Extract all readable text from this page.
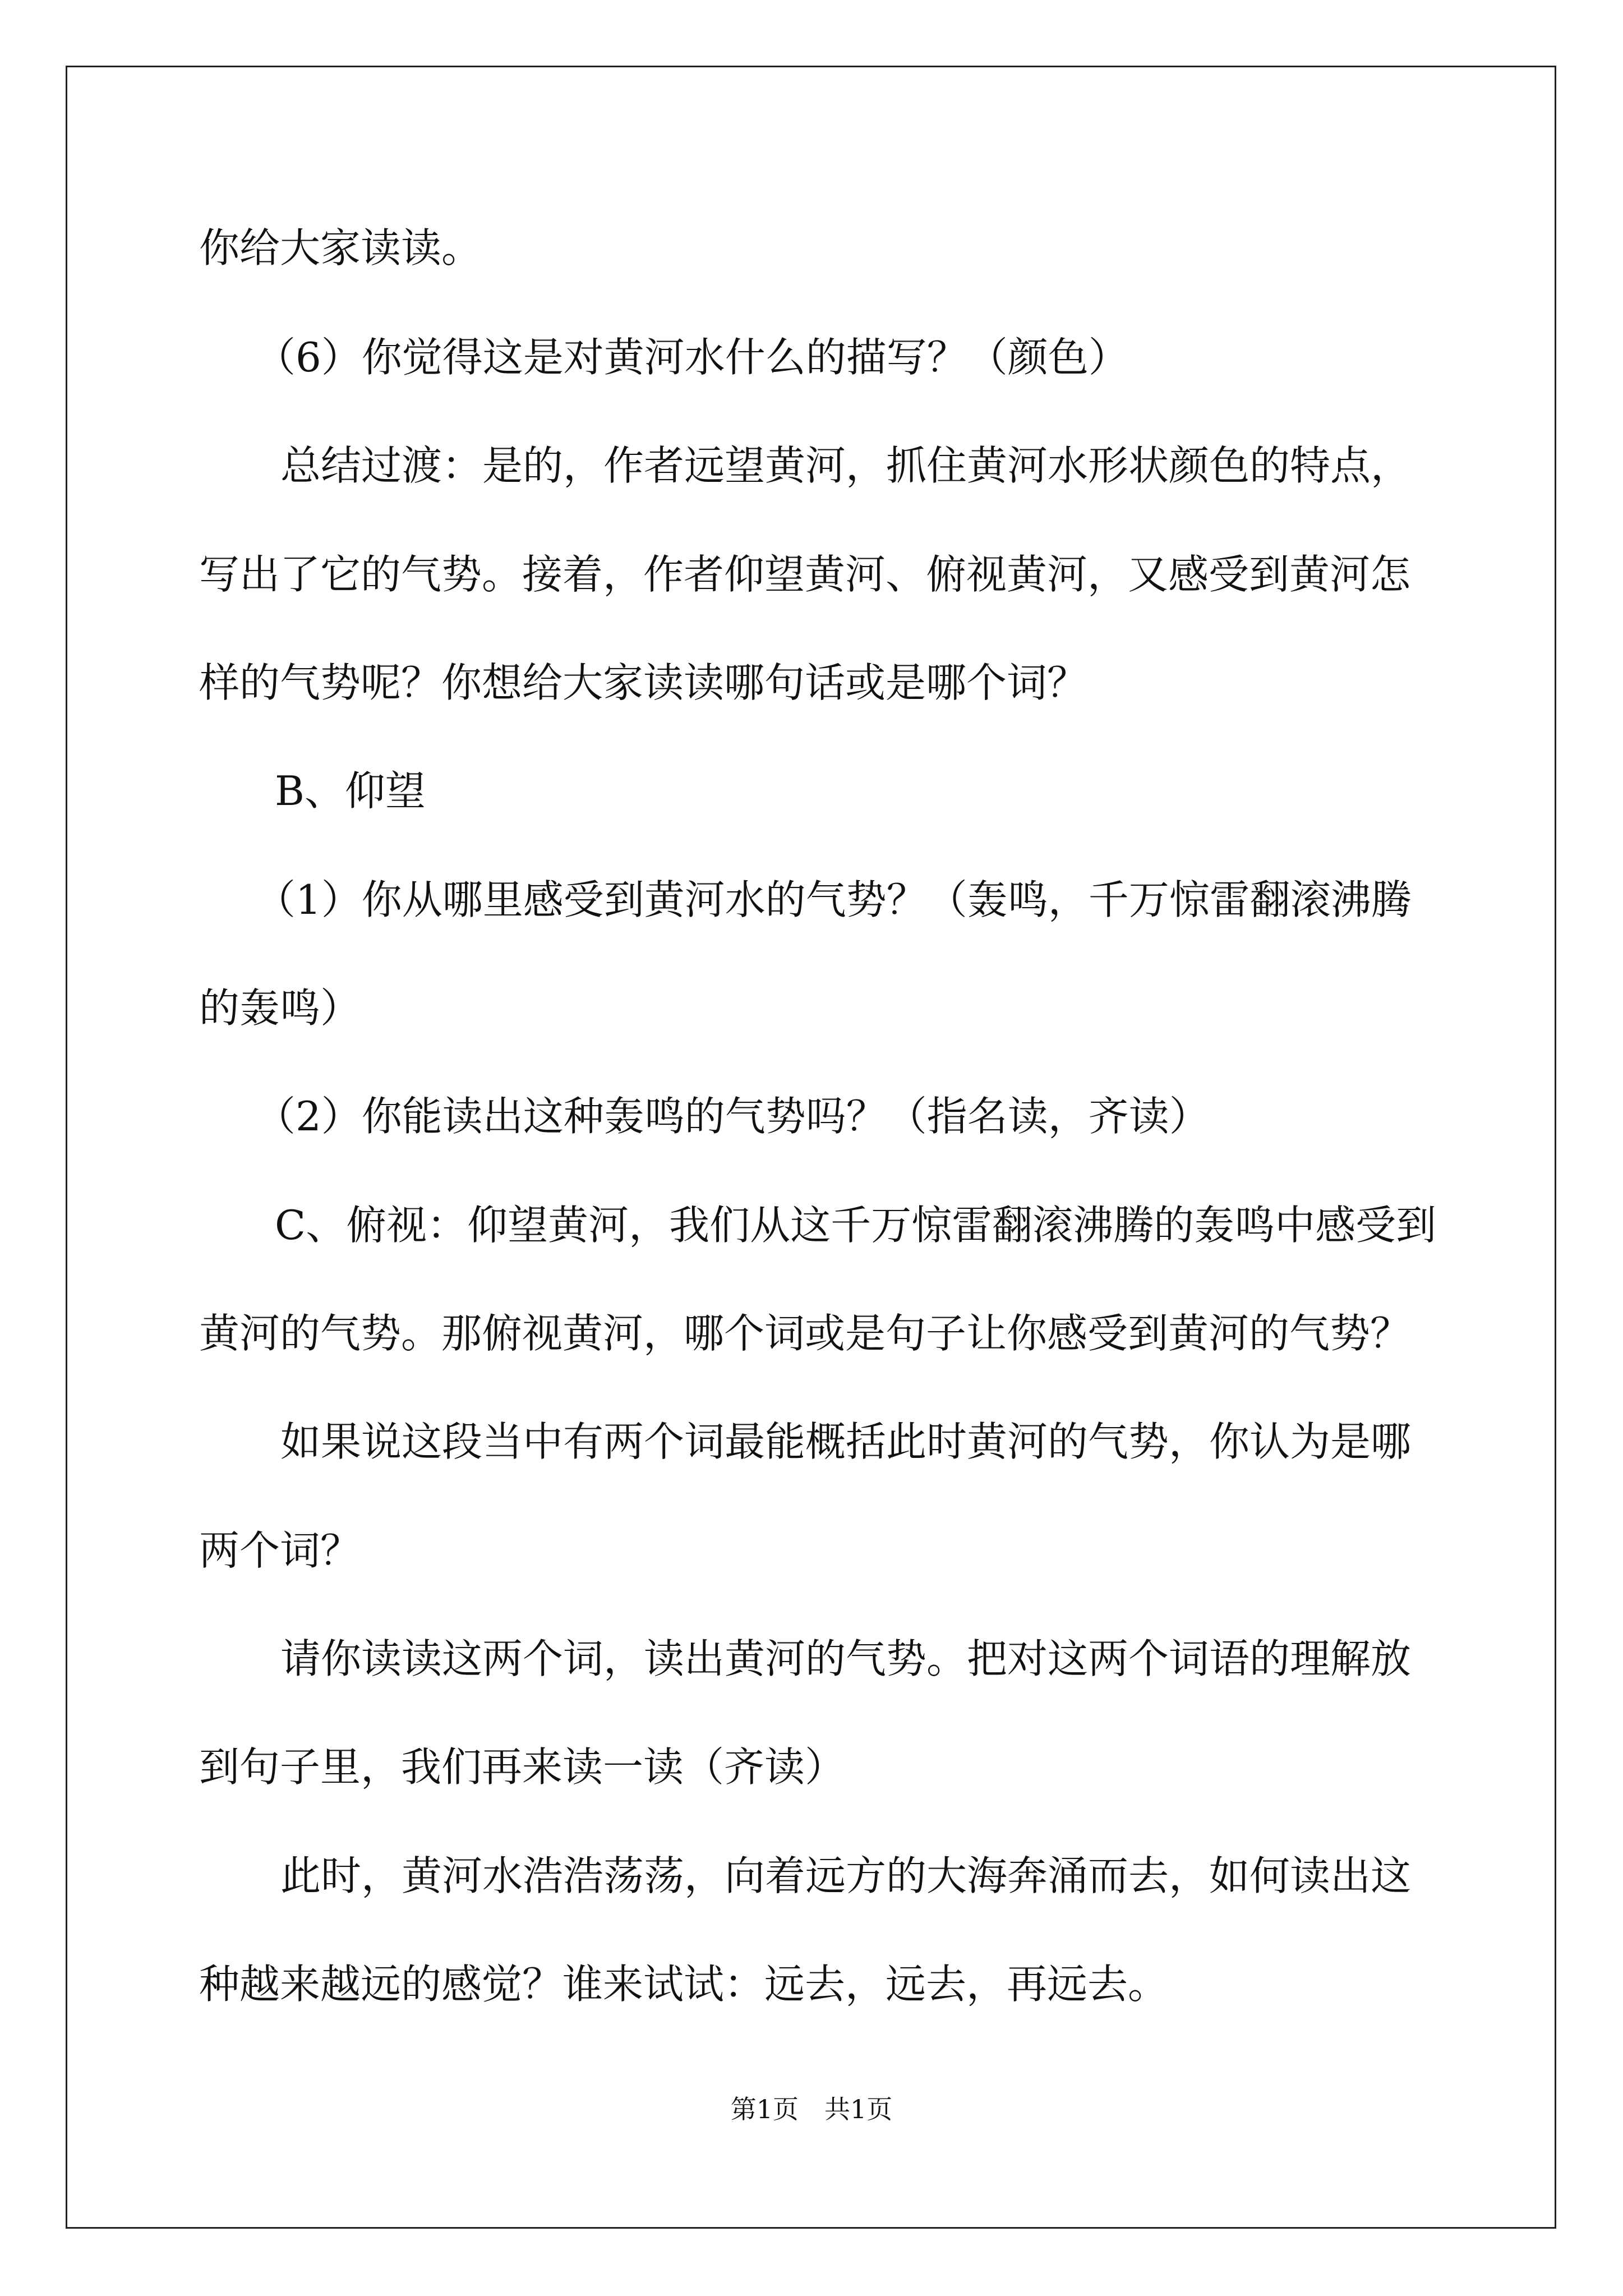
你给大家读读。
（6）你觉得这是对黄河水什么的描写？（颜色）
总结过渡：是的，作者远望黄河，抓住黄河水形状颜色的特点，
写出了它的气势。接着，作者仰望黄河、俯视黄河，又感受到黄河怎
样的气势呢？你想给大家读读哪句话或是哪个词？
B、仰望
（1）你从哪里感受到黄河水的气势？（轰鸣，千万惊雷翻滚沸腾
的轰鸣）
（2）你能读出这种轰鸣的气势吗？（指名读，齐读）
C、俯视：仰望黄河，我们从这千万惊雷翻滚沸腾的轰鸣中感受到
黄河的气势。那俯视黄河，哪个词或是句子让你感受到黄河的气势？
如果说这段当中有两个词最能概括此时黄河的气势，你认为是哪
两个词？
请你读读这两个词，读出黄河的气势。把对这两个词语的理解放
到句子里，我们再来读一读（齐读）
此时，黄河水浩浩荡荡，向着远方的大海奔涌而去，如何读出这
种越来越远的感觉？谁来试试：远去，远去，再远去。
第1页　共1页
